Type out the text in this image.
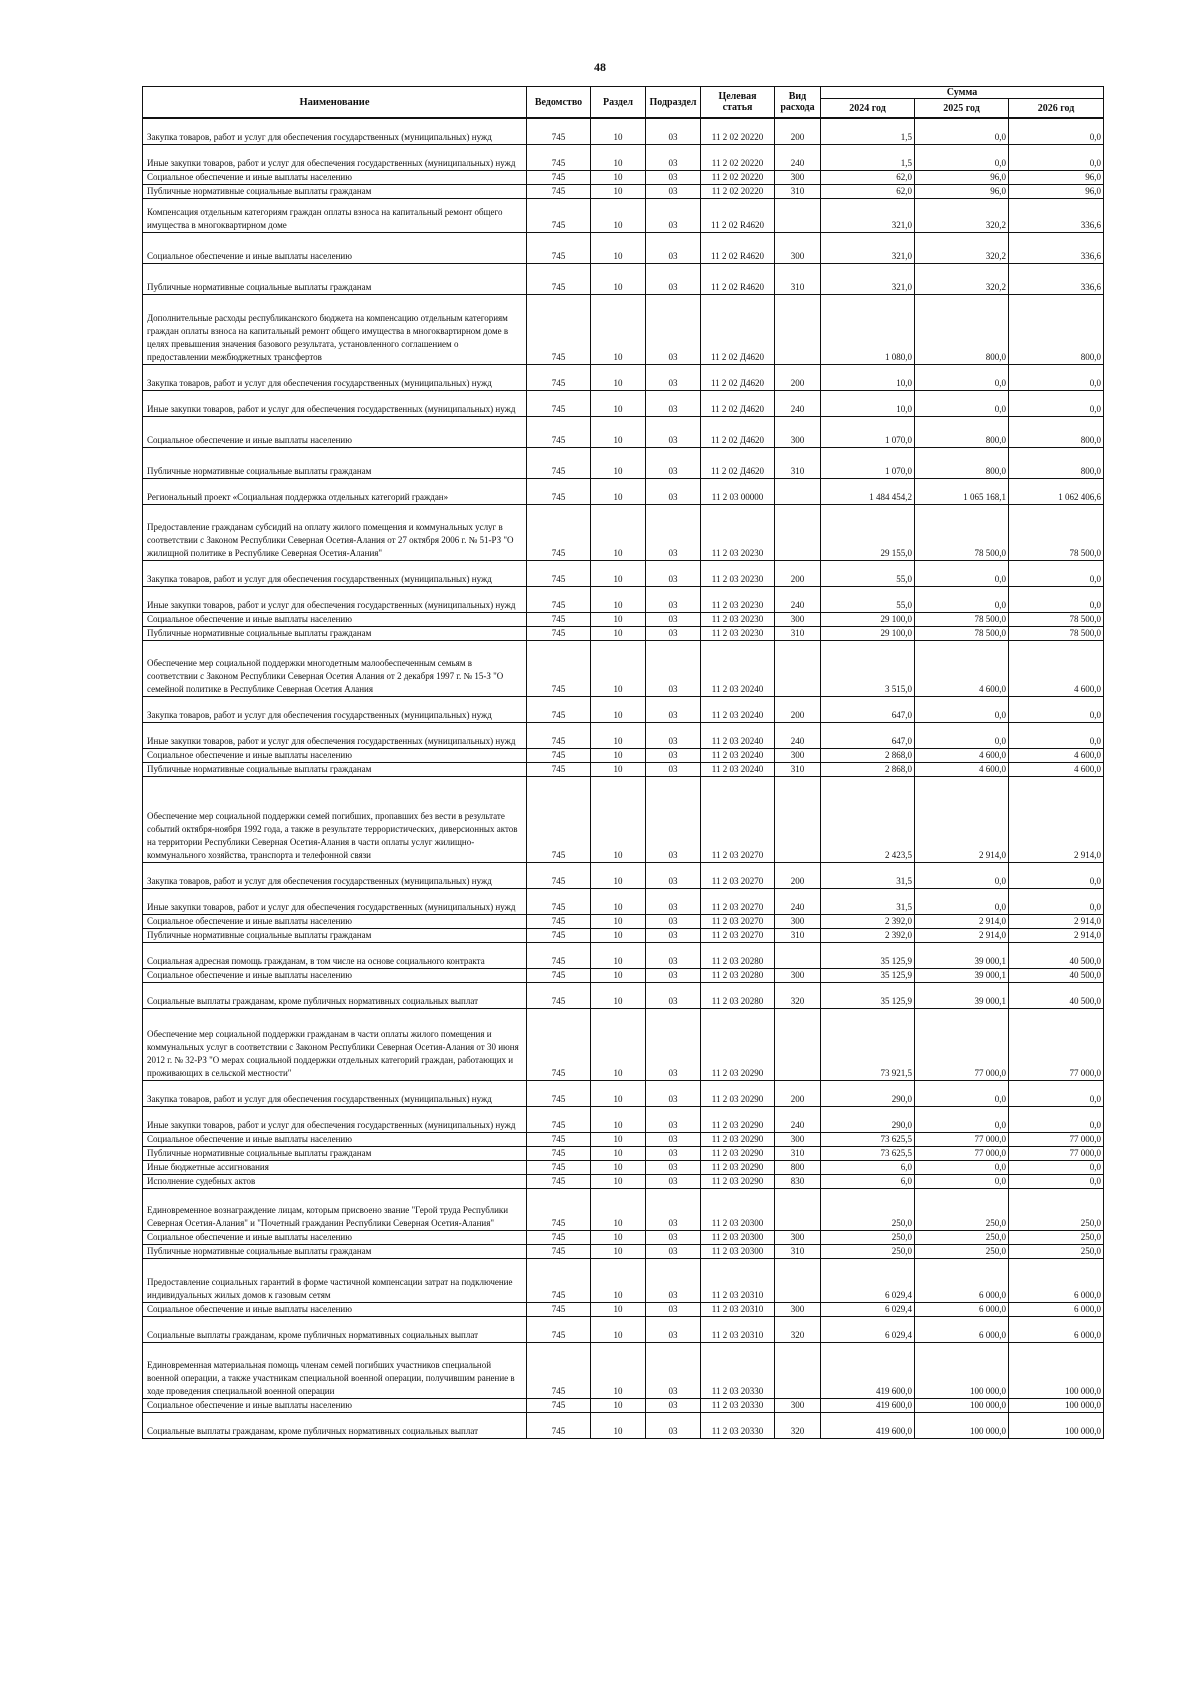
48
Наименование	Ведомство	Раздел	Подраздел	Целевая статья	Вид расхода	Сумма		
						2024 год	2025 год	2026 год
Закупка товаров, работ и услуг для обеспечения государственных (муниципальных) нужд	745	10	03	11 2 02 20220	200	1,5	0,0	0,0
Иные закупки товаров, работ и услуг для обеспечения государственных (муниципальных) нужд	745	10	03	11 2 02 20220	240	1,5	0,0	0,0
Социальное обеспечение и иные выплаты населению	745	10	03	11 2 02 20220	300	62,0	96,0	96,0
Публичные нормативные социальные выплаты гражданам	745	10	03	11 2 02 20220	310	62,0	96,0	96,0
Компенсация отдельным категориям граждан оплаты взноса на капитальный ремонт общего имущества в многоквартирном доме	745	10	03	11 2 02 R4620		321,0	320,2	336,6
Социальное обеспечение и иные выплаты населению	745	10	03	11 2 02 R4620	300	321,0	320,2	336,6
Публичные нормативные социальные выплаты гражданам	745	10	03	11 2 02 R4620	310	321,0	320,2	336,6
Дополнительные расходы республиканского бюджета на компенсацию отдельным категориям граждан оплаты взноса на капитальный ремонт общего имущества в многоквартирном доме в целях превышения значения базового результата, установленного соглашением о предоставлении межбюджетных трансфертов	745	10	03	11 2 02 Д4620		1 080,0	800,0	800,0
Закупка товаров, работ и услуг для обеспечения государственных (муниципальных) нужд	745	10	03	11 2 02 Д4620	200	10,0	0,0	0,0
Иные закупки товаров, работ и услуг для обеспечения государственных (муниципальных) нужд	745	10	03	11 2 02 Д4620	240	10,0	0,0	0,0
Социальное обеспечение и иные выплаты населению	745	10	03	11 2 02 Д4620	300	1 070,0	800,0	800,0
Публичные нормативные социальные выплаты гражданам	745	10	03	11 2 02 Д4620	310	1 070,0	800,0	800,0
Региональный проект «Социальная поддержка отдельных категорий граждан»	745	10	03	11 2 03 00000		1 484 454,2	1 065 168,1	1 062 406,6
Предоставление гражданам субсидий на оплату жилого помещения и коммунальных услуг в соответствии с Законом Республики Северная Осетия-Алания от 27 октября 2006 г. № 51-РЗ "О жилищной политике в Республике Северная Осетия-Алания"	745	10	03	11 2 03 20230		29 155,0	78 500,0	78 500,0
Закупка товаров, работ и услуг для обеспечения государственных (муниципальных) нужд	745	10	03	11 2 03 20230	200	55,0	0,0	0,0
Иные закупки товаров, работ и услуг для обеспечения государственных (муниципальных) нужд	745	10	03	11 2 03 20230	240	55,0	0,0	0,0
Социальное обеспечение и иные выплаты населению	745	10	03	11 2 03 20230	300	29 100,0	78 500,0	78 500,0
Публичные нормативные социальные выплаты гражданам	745	10	03	11 2 03 20230	310	29 100,0	78 500,0	78 500,0
Обеспечение мер социальной поддержки многодетным малообеспеченным семьям в соответствии с Законом Республики Северная Осетия Алания от 2 декабря 1997 г. № 15-З "О семейной политике в Республике Северная Осетия Алания	745	10	03	11 2 03 20240		3 515,0	4 600,0	4 600,0
Закупка товаров, работ и услуг для обеспечения государственных (муниципальных) нужд	745	10	03	11 2 03 20240	200	647,0	0,0	0,0
Иные закупки товаров, работ и услуг для обеспечения государственных (муниципальных) нужд	745	10	03	11 2 03 20240	240	647,0	0,0	0,0
Социальное обеспечение и иные выплаты населению	745	10	03	11 2 03 20240	300	2 868,0	4 600,0	4 600,0
Публичные нормативные социальные выплаты гражданам	745	10	03	11 2 03 20240	310	2 868,0	4 600,0	4 600,0
Обеспечение мер социальной поддержки семей погибших, пропавших без вести в результате событий октября-ноября 1992 года, а также в результате террористических, диверсионных актов на территории Республики Северная Осетия-Алания в части оплаты услуг жилищно-коммунального хозяйства, транспорта и телефонной связи	745	10	03	11 2 03 20270		2 423,5	2 914,0	2 914,0
Закупка товаров, работ и услуг для обеспечения государственных (муниципальных) нужд	745	10	03	11 2 03 20270	200	31,5	0,0	0,0
Иные закупки товаров, работ и услуг для обеспечения государственных (муниципальных) нужд	745	10	03	11 2 03 20270	240	31,5	0,0	0,0
Социальное обеспечение и иные выплаты населению	745	10	03	11 2 03 20270	300	2 392,0	2 914,0	2 914,0
Публичные нормативные социальные выплаты гражданам	745	10	03	11 2 03 20270	310	2 392,0	2 914,0	2 914,0
Социальная адресная помощь гражданам, в том числе на основе социального контракта	745	10	03	11 2 03 20280		35 125,9	39 000,1	40 500,0
Социальное обеспечение и иные выплаты населению	745	10	03	11 2 03 20280	300	35 125,9	39 000,1	40 500,0
Социальные выплаты гражданам, кроме публичных нормативных социальных выплат	745	10	03	11 2 03 20280	320	35 125,9	39 000,1	40 500,0
Обеспечение мер социальной поддержки гражданам в части оплаты жилого помещения и коммунальных услуг в соответствии с Законом Республики Северная Осетия-Алания от 30 июня 2012 г. № 32-РЗ "О мерах социальной поддержки отдельных категорий граждан, работающих и проживающих в сельской местности"	745	10	03	11 2 03 20290		73 921,5	77 000,0	77 000,0
Закупка товаров, работ и услуг для обеспечения государственных (муниципальных) нужд	745	10	03	11 2 03 20290	200	290,0	0,0	0,0
Иные закупки товаров, работ и услуг для обеспечения государственных (муниципальных) нужд	745	10	03	11 2 03 20290	240	290,0	0,0	0,0
Социальное обеспечение и иные выплаты населению	745	10	03	11 2 03 20290	300	73 625,5	77 000,0	77 000,0
Публичные нормативные социальные выплаты гражданам	745	10	03	11 2 03 20290	310	73 625,5	77 000,0	77 000,0
Иные бюджетные ассигнования	745	10	03	11 2 03 20290	800	6,0	0,0	0,0
Исполнение судебных актов	745	10	03	11 2 03 20290	830	6,0	0,0	0,0
Единовременное вознаграждение лицам, которым присвоено звание "Герой труда Республики Северная Осетия-Алания" и "Почетный гражданин Республики Северная Осетия-Алания"	745	10	03	11 2 03 20300		250,0	250,0	250,0
Социальное обеспечение и иные выплаты населению	745	10	03	11 2 03 20300	300	250,0	250,0	250,0
Публичные нормативные социальные выплаты гражданам	745	10	03	11 2 03 20300	310	250,0	250,0	250,0
Предоставление социальных гарантий в форме частичной компенсации затрат на подключение индивидуальных жилых домов к газовым сетям	745	10	03	11 2 03 20310		6 029,4	6 000,0	6 000,0
Социальное обеспечение и иные выплаты населению	745	10	03	11 2 03 20310	300	6 029,4	6 000,0	6 000,0
Социальные выплаты гражданам, кроме публичных нормативных социальных выплат	745	10	03	11 2 03 20310	320	6 029,4	6 000,0	6 000,0
Единовременная материальная помощь членам семей погибших участников специальной военной операции, а также участникам специальной военной операции, получившим ранение в ходе проведения специальной военной операции	745	10	03	11 2 03 20330		419 600,0	100 000,0	100 000,0
Социальное обеспечение и иные выплаты населению	745	10	03	11 2 03 20330	300	419 600,0	100 000,0	100 000,0
Социальные выплаты гражданам, кроме публичных нормативных социальных выплат	745	10	03	11 2 03 20330	320	419 600,0	100 000,0	100 000,0
